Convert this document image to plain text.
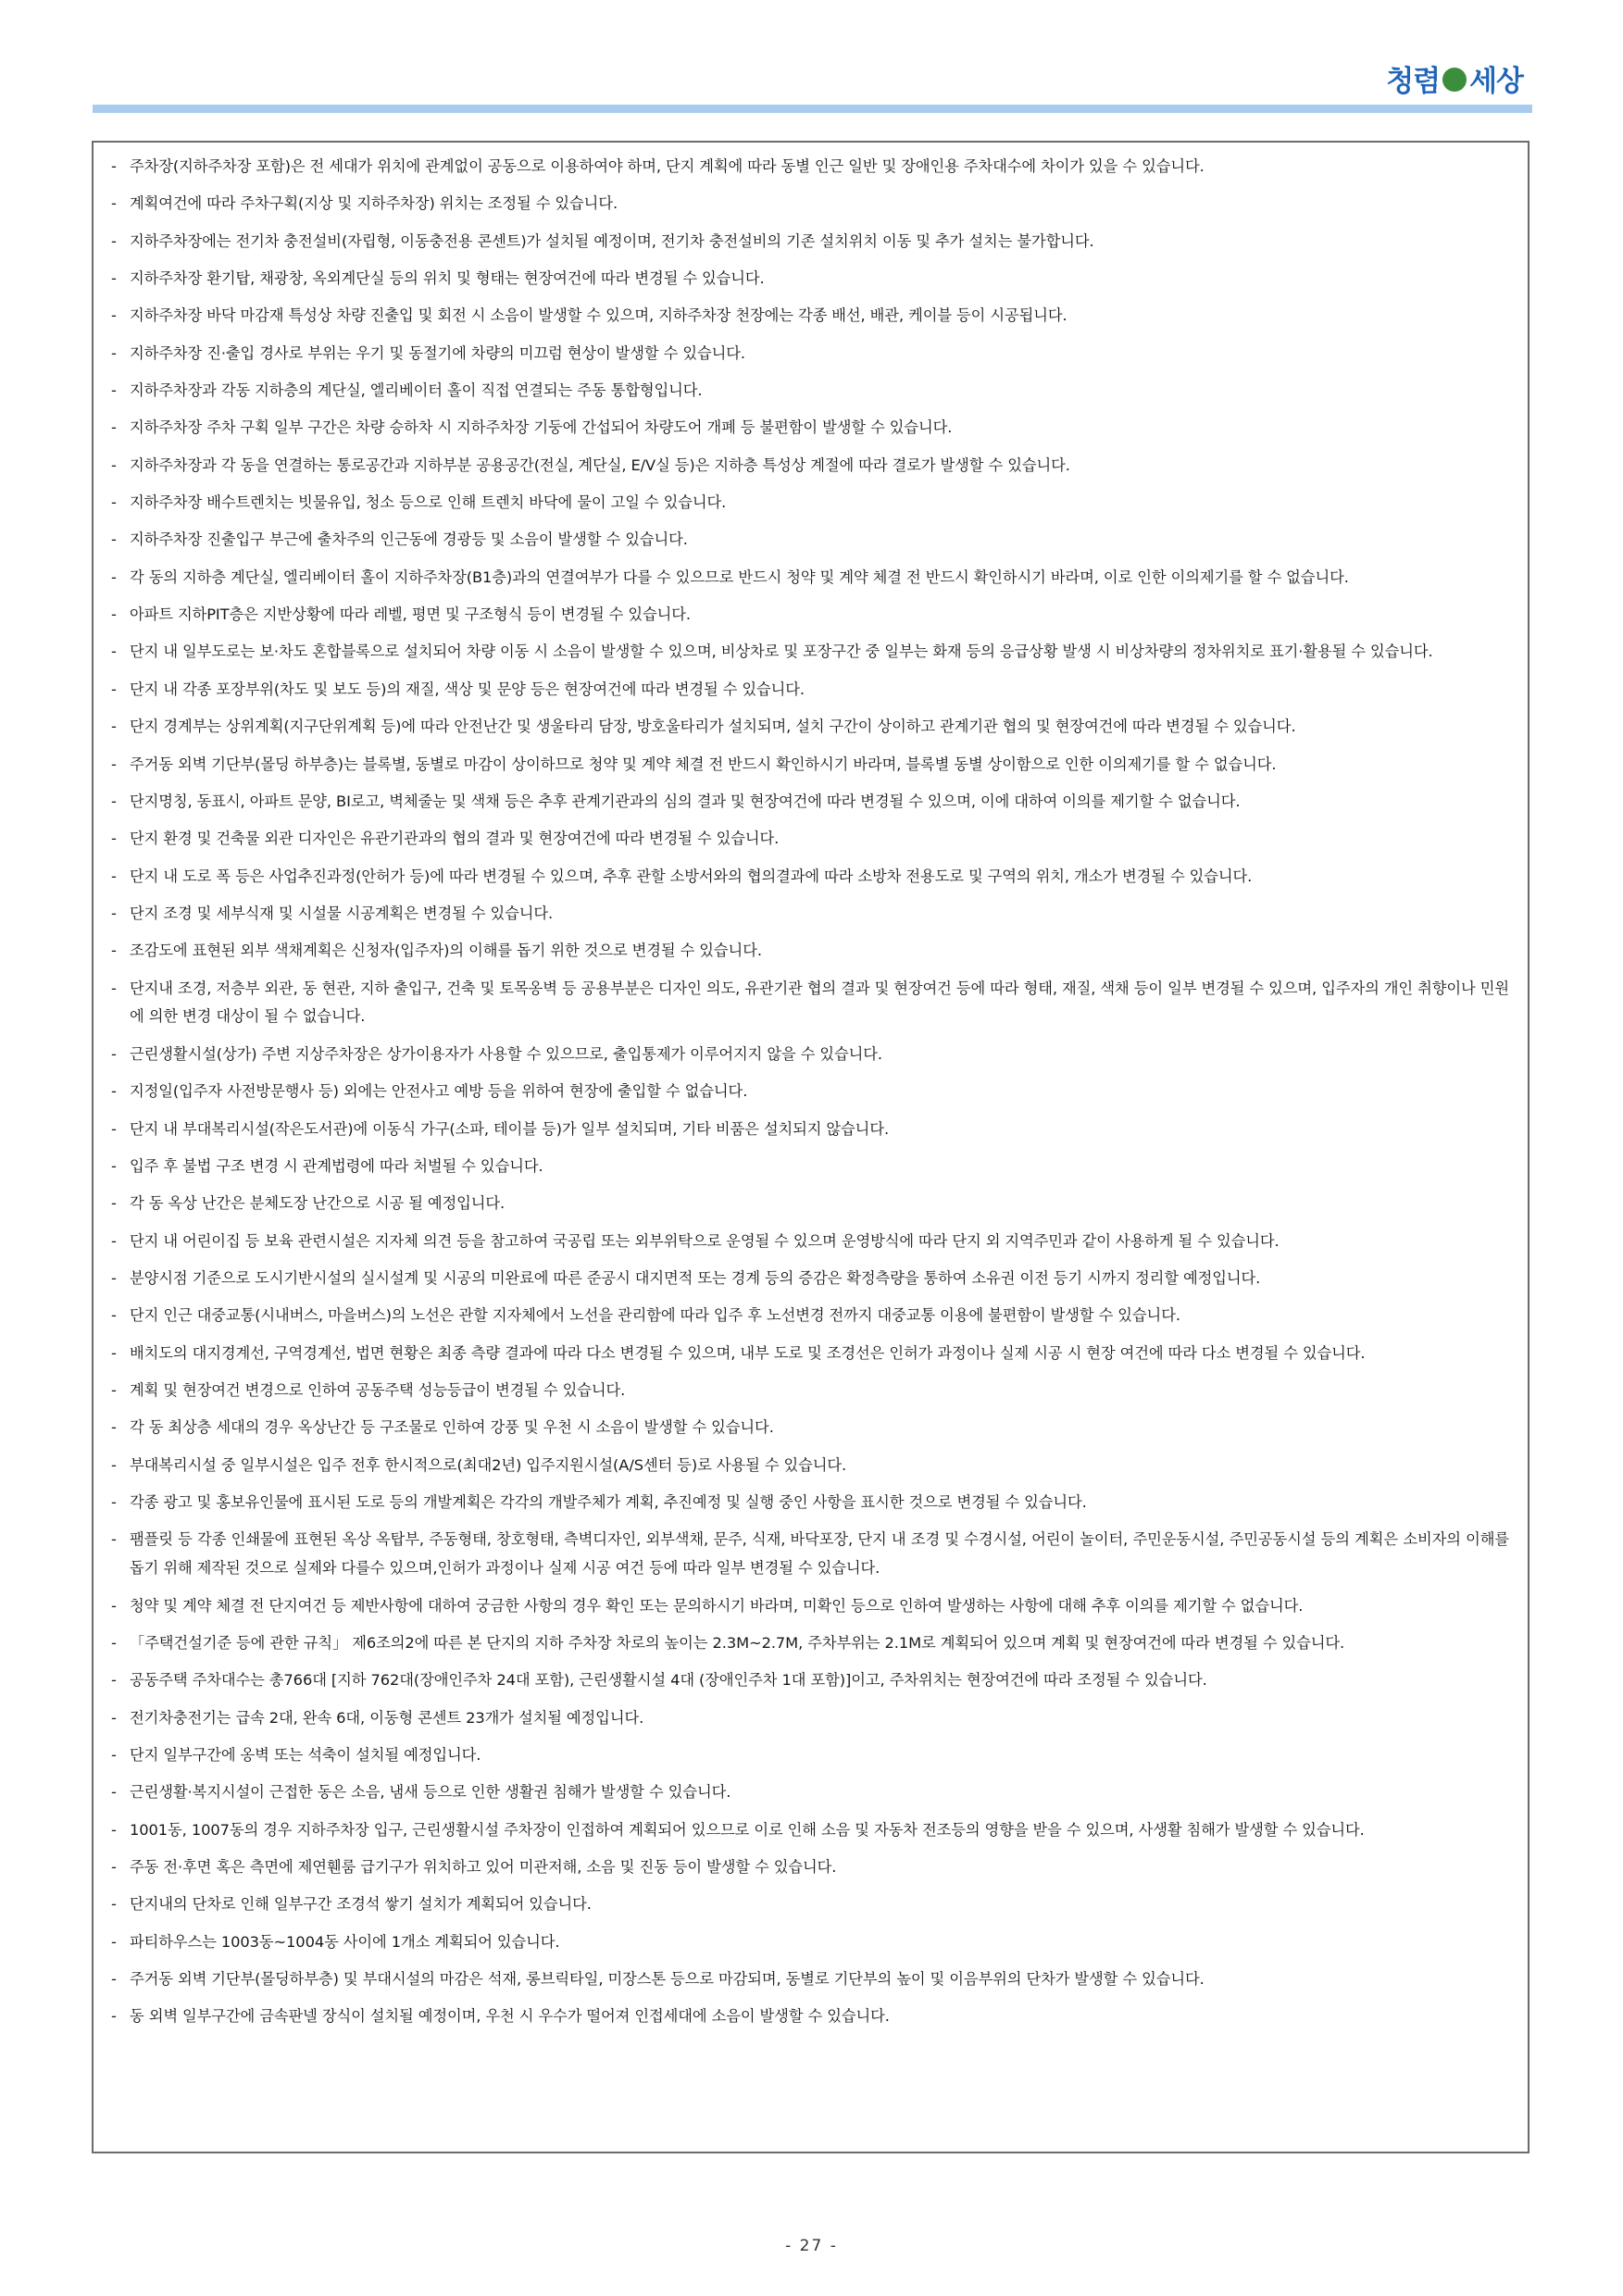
청렴 세상
- 주차장(지하주차장 포함)은 전 세대가 위치에 관계없이 공동으로 이용하여야 하며, 단지 계획에 따라 동별 인근 일반 및 장애인용 주차대수에 차이가 있을 수 있습니다.
- 계획여건에 따라 주차구획(지상 및 지하주차장) 위치는 조정될 수 있습니다.
- 지하주차장에는 전기차 충전설비(자립형, 이동충전용 콘센트)가 설치될 예정이며, 전기차 충전설비의 기존 설치위치 이동 및 추가 설치는 불가합니다.
- 지하주차장 환기탑, 채광창, 옥외계단실 등의 위치 및 형태는 현장여건에 따라 변경될 수 있습니다.
- 지하주차장 바닥 마감재 특성상 차량 진출입 및 회전 시 소음이 발생할 수 있으며, 지하주차장 천장에는 각종 배선, 배관, 케이블 등이 시공됩니다.
- 지하주차장 진·출입 경사로 부위는 우기 및 동절기에 차량의 미끄럼 현상이 발생할 수 있습니다.
- 지하주차장과 각동 지하층의 계단실, 엘리베이터 홀이 직접 연결되는 주동 통합형입니다.
- 지하주차장 주차 구획 일부 구간은 차량 승하차 시 지하주차장 기둥에 간섭되어 차량도어 개폐 등 불편함이 발생할 수 있습니다.
- 지하주차장과 각 동을 연결하는 통로공간과 지하부분 공용공간(전실, 계단실, E/V실 등)은 지하층 특성상 계절에 따라 결로가 발생할 수 있습니다.
- 지하주차장 배수트렌치는 빗물유입, 청소 등으로 인해 트렌치 바닥에 물이 고일 수 있습니다.
- 지하주차장 진출입구 부근에 출차주의 인근동에 경광등 및 소음이 발생할 수 있습니다.
- 각 동의 지하층 계단실, 엘리베이터 홀이 지하주차장(B1층)과의 연결여부가 다를 수 있으므로 반드시 청약 및 계약 체결 전 반드시 확인하시기 바라며, 이로 인한 이의제기를 할 수 없습니다.
- 아파트 지하PIT층은 지반상황에 따라 레벨, 평면 및 구조형식 등이 변경될 수 있습니다.
- 단지 내 일부도로는 보·차도 혼합블록으로 설치되어 차량 이동 시 소음이 발생할 수 있으며, 비상차로 및 포장구간 중 일부는 화재 등의 응급상황 발생 시 비상차량의 정차위치로 표기·활용될 수 있습니다.
- 단지 내 각종 포장부위(차도 및 보도 등)의 재질, 색상 및 문양 등은 현장여건에 따라 변경될 수 있습니다.
- 단지 경계부는 상위계획(지구단위계획 등)에 따라 안전난간 및 생울타리 담장, 방호울타리가 설치되며, 설치 구간이 상이하고 관계기관 협의 및 현장여건에 따라 변경될 수 있습니다.
- 주거동 외벽 기단부(몰딩 하부층)는 블록별, 동별로 마감이 상이하므로 청약 및 계약 체결 전 반드시 확인하시기 바라며, 블록별 동별 상이함으로 인한 이의제기를 할 수 없습니다.
- 단지명칭, 동표시, 아파트 문양, BI로고, 벽체줄눈 및 색채 등은 추후 관계기관과의 심의 결과 및 현장여건에 따라 변경될 수 있으며, 이에 대하여 이의를 제기할 수 없습니다.
- 단지 환경 및 건축물 외관 디자인은 유관기관과의 협의 결과 및 현장여건에 따라 변경될 수 있습니다.
- 단지 내 도로 폭 등은 사업추진과정(안허가 등)에 따라 변경될 수 있으며, 추후 관할 소방서와의 협의결과에 따라 소방차 전용도로 및 구역의 위치, 개소가 변경될 수 있습니다.
- 단지 조경 및 세부식재 및 시설물 시공계획은 변경될 수 있습니다.
- 조감도에 표현된 외부 색채계획은 신청자(입주자)의 이해를 돕기 위한 것으로 변경될 수 있습니다.
- 단지내 조경, 저층부 외관, 동 현관, 지하 출입구, 건축 및 토목옹벽 등 공용부분은 디자인 의도, 유관기관 협의 결과 및 현장여건 등에 따라 형태, 재질, 색채 등이 일부 변경될 수 있으며, 입주자의 개인 취향이나 민원에 의한 변경 대상이 될 수 없습니다.
- 근린생활시설(상가) 주변 지상주차장은 상가이용자가 사용할 수 있으므로, 출입통제가 이루어지지 않을 수 있습니다.
- 지정일(입주자 사전방문행사 등) 외에는 안전사고 예방 등을 위하여 현장에 출입할 수 없습니다.
- 단지 내 부대복리시설(작은도서관)에 이동식 가구(소파, 테이블 등)가 일부 설치되며, 기타 비품은 설치되지 않습니다.
- 입주 후 불법 구조 변경 시 관계법령에 따라 처벌될 수 있습니다.
- 각 동 옥상 난간은 분체도장 난간으로 시공 될 예정입니다.
- 단지 내 어린이집 등 보육 관련시설은 지자체 의견 등을 참고하여 국공립 또는 외부위탁으로 운영될 수 있으며 운영방식에 따라 단지 외 지역주민과 같이 사용하게 될 수 있습니다.
- 분양시점 기준으로 도시기반시설의 실시설계 및 시공의 미완료에 따른 준공시 대지면적 또는 경계 등의 증감은 확정측량을 통하여 소유권 이전 등기 시까지 정리할 예정입니다.
- 단지 인근 대중교통(시내버스, 마을버스)의 노선은 관할 지자체에서 노선을 관리함에 따라 입주 후 노선변경 전까지 대중교통 이용에 불편함이 발생할 수 있습니다.
- 배치도의 대지경계선, 구역경계선, 법면 현황은 최종 측량 결과에 따라 다소 변경될 수 있으며, 내부 도로 및 조경선은 인허가 과정이나 실제 시공 시 현장 여건에 따라 다소 변경될 수 있습니다.
- 계획 및 현장여건 변경으로 인하여 공동주택 성능등급이 변경될 수 있습니다.
- 각 동 최상층 세대의 경우 옥상난간 등 구조물로 인하여 강풍 및 우천 시 소음이 발생할 수 있습니다.
- 부대복리시설 중 일부시설은 입주 전후 한시적으로(최대2년) 입주지원시설(A/S센터 등)로 사용될 수 있습니다.
- 각종 광고 및 홍보유인물에 표시된 도로 등의 개발계획은 각각의 개발주체가 계획, 추진예정 및 실행 중인 사항을 표시한 것으로 변경될 수 있습니다.
- 팸플릿 등 각종 인쇄물에 표현된 옥상 옥탑부, 주동형태, 창호형태, 측벽디자인, 외부색채, 문주, 식재, 바닥포장, 단지 내 조경 및 수경시설, 어린이 놀이터, 주민운동시설, 주민공동시설 등의 계획은 소비자의 이해를 돕기 위해 제작된 것으로 실제와 다를수 있으며,인허가 과정이나 실제 시공 여건 등에 따라 일부 변경될 수 있습니다.
- 청약 및 계약 체결 전 단지여건 등 제반사항에 대하여 궁금한 사항의 경우 확인 또는 문의하시기 바라며, 미확인 등으로 인하여 발생하는 사항에 대해 추후 이의를 제기할 수 없습니다.
- 「주택건설기준 등에 관한 규칙」 제6조의2에 따른 본 단지의 지하 주차장 차로의 높이는 2.3M~2.7M, 주차부위는 2.1M로 계획되어 있으며 계획 및 현장여건에 따라 변경될 수 있습니다.
- 공동주택 주차대수는 총766대 [지하 762대(장애인주차 24대 포함), 근린생활시설 4대 (장애인주차 1대 포함)]이고, 주차위치는 현장여건에 따라 조정될 수 있습니다.
- 전기차충전기는 급속 2대, 완속 6대, 이동형 콘센트 23개가 설치될 예정입니다.
- 단지 일부구간에 옹벽 또는 석축이 설치될 예정입니다.
- 근린생활·복지시설이 근접한 동은 소음, 냄새 등으로 인한 생활권 침해가 발생할 수 있습니다.
- 1001동, 1007동의 경우 지하주차장 입구, 근린생활시설 주차장이 인접하여 계획되어 있으므로 이로 인해 소음 및 자동차 전조등의 영향을 받을 수 있으며, 사생활 침해가 발생할 수 있습니다.
- 주동 전·후면 혹은 측면에 제연휀룸 급기구가 위치하고 있어 미관저해, 소음 및 진동 등이 발생할 수 있습니다.
- 단지내의 단차로 인해 일부구간 조경석 쌓기 설치가 계획되어 있습니다.
- 파티하우스는 1003동~1004동 사이에 1개소 계획되어 있습니다.
- 주거동 외벽 기단부(몰딩하부층) 및 부대시설의 마감은 석재, 롱브릭타일, 미장스톤 등으로 마감되며, 동별로 기단부의 높이 및 이음부위의 단차가 발생할 수 있습니다.
- 동 외벽 일부구간에 금속판넬 장식이 설치될 예정이며, 우천 시 우수가 떨어져 인접세대에 소음이 발생할 수 있습니다.
- 27 -
